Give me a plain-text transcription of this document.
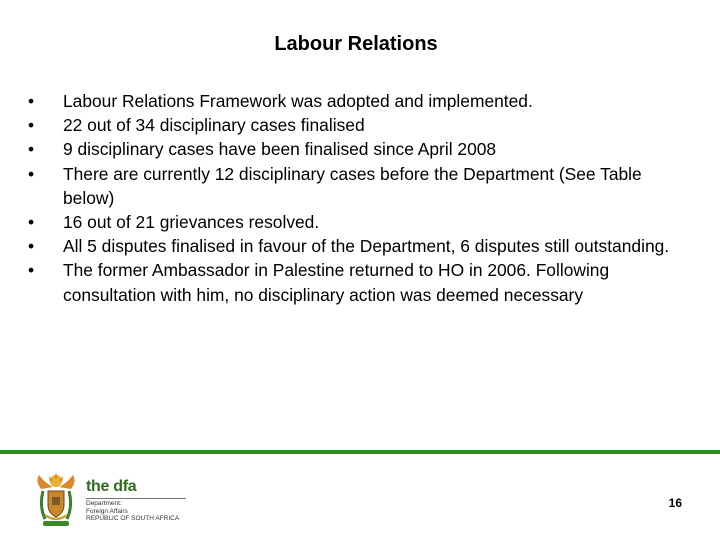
Labour Relations
• Labour Relations Framework was adopted and implemented.
• 22 out of 34 disciplinary cases finalised
• 9 disciplinary cases have been finalised since April 2008
• There are currently 12 disciplinary cases before the Department (See Table below)
• 16 out of 21 grievances resolved.
• All 5 disputes finalised in favour of the Department, 6 disputes still outstanding.
• The former Ambassador in Palestine returned to HO in 2006. Following consultation with him, no disciplinary action was deemed necessary
the dfa
Department:
Foreign Affairs
REPUBLIC OF SOUTH AFRICA
16
